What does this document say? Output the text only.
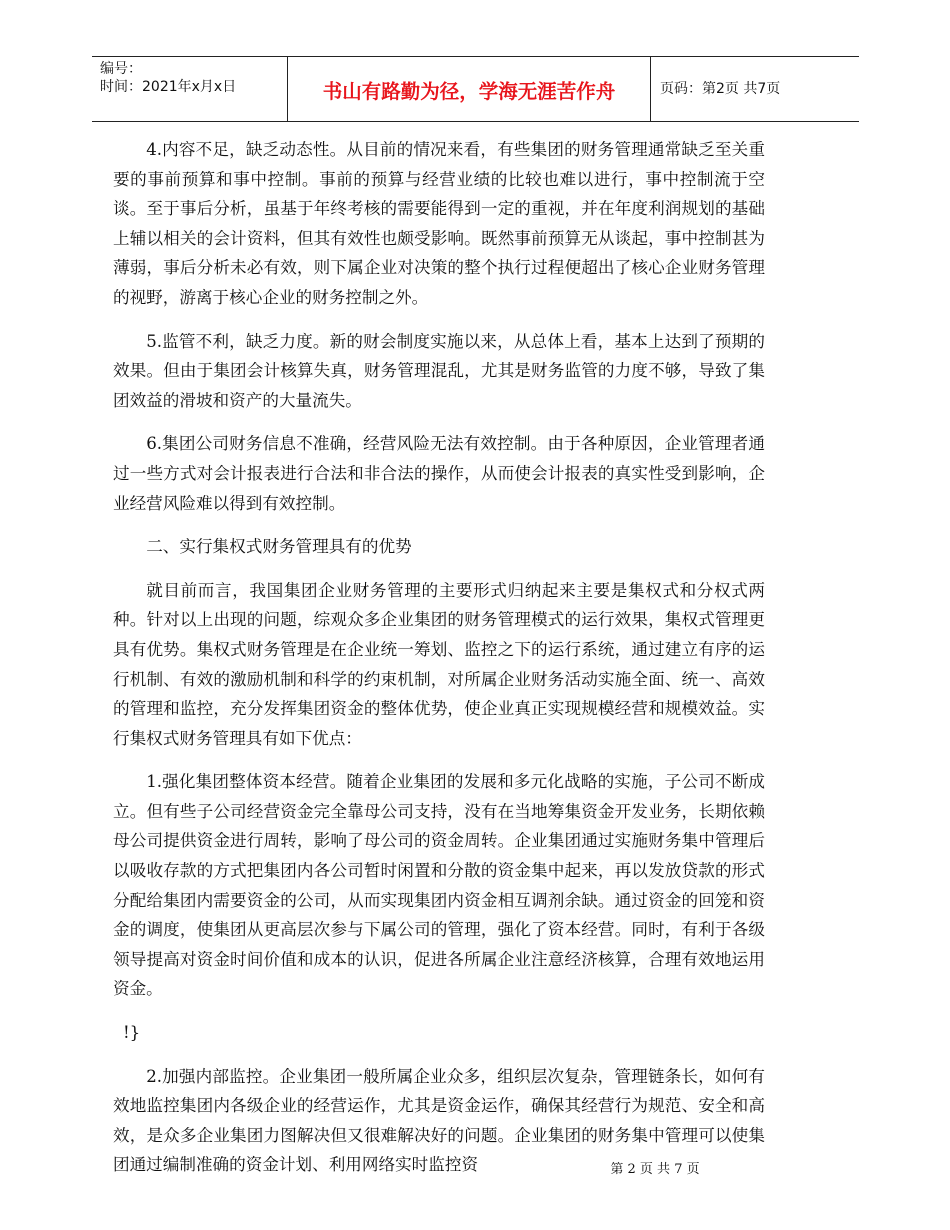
编号：
时间：2021年x月x日	书山有路勤为径，学海无涯苦作舟	页码：第2页 共7页

4.内容不足，缺乏动态性。从目前的情况来看，有些集团的财务管理通常缺乏至关重要的事前预算和事中控制。事前的预算与经营业绩的比较也难以进行，事中控制流于空谈。至于事后分析，虽基于年终考核的需要能得到一定的重视，并在年度利润规划的基础上辅以相关的会计资料，但其有效性也颇受影响。既然事前预算无从谈起，事中控制甚为薄弱，事后分析未必有效，则下属企业对决策的整个执行过程便超出了核心企业财务管理的视野，游离于核心企业的财务控制之外。

5.监管不利，缺乏力度。新的财会制度实施以来，从总体上看，基本上达到了预期的效果。但由于集团会计核算失真，财务管理混乱，尤其是财务监管的力度不够，导致了集团效益的滑坡和资产的大量流失。

6.集团公司财务信息不准确，经营风险无法有效控制。由于各种原因，企业管理者通过一些方式对会计报表进行合法和非合法的操作，从而使会计报表的真实性受到影响，企业经营风险难以得到有效控制。

二、实行集权式财务管理具有的优势

就目前而言，我国集团企业财务管理的主要形式归纳起来主要是集权式和分权式两种。针对以上出现的问题，综观众多企业集团的财务管理模式的运行效果，集权式管理更具有优势。集权式财务管理是在企业统一筹划、监控之下的运行系统，通过建立有序的运行机制、有效的激励机制和科学的约束机制，对所属企业财务活动实施全面、统一、高效的管理和监控，充分发挥集团资金的整体优势，使企业真正实现规模经营和规模效益。实行集权式财务管理具有如下优点：

1.强化集团整体资本经营。随着企业集团的发展和多元化战略的实施，子公司不断成立。但有些子公司经营资金完全靠母公司支持，没有在当地筹集资金开发业务，长期依赖母公司提供资金进行周转，影响了母公司的资金周转。企业集团通过实施财务集中管理后以吸收存款的方式把集团内各公司暂时闲置和分散的资金集中起来，再以发放贷款的形式分配给集团内需要资金的公司，从而实现集团内资金相互调剂余缺。通过资金的回笼和资金的调度，使集团从更高层次参与下属公司的管理，强化了资本经营。同时，有利于各级领导提高对资金时间价值和成本的认识，促进各所属企业注意经济核算，合理有效地运用资金。

!}

2.加强内部监控。企业集团一般所属企业众多，组织层次复杂，管理链条长，如何有效地监控集团内各级企业的经营运作，尤其是资金运作，确保其经营行为规范、安全和高效，是众多企业集团力图解决但又很难解决好的问题。企业集团的财务集中管理可以使集团通过编制准确的资金计划、利用网络实时监控资	第 2 页 共 7 页
